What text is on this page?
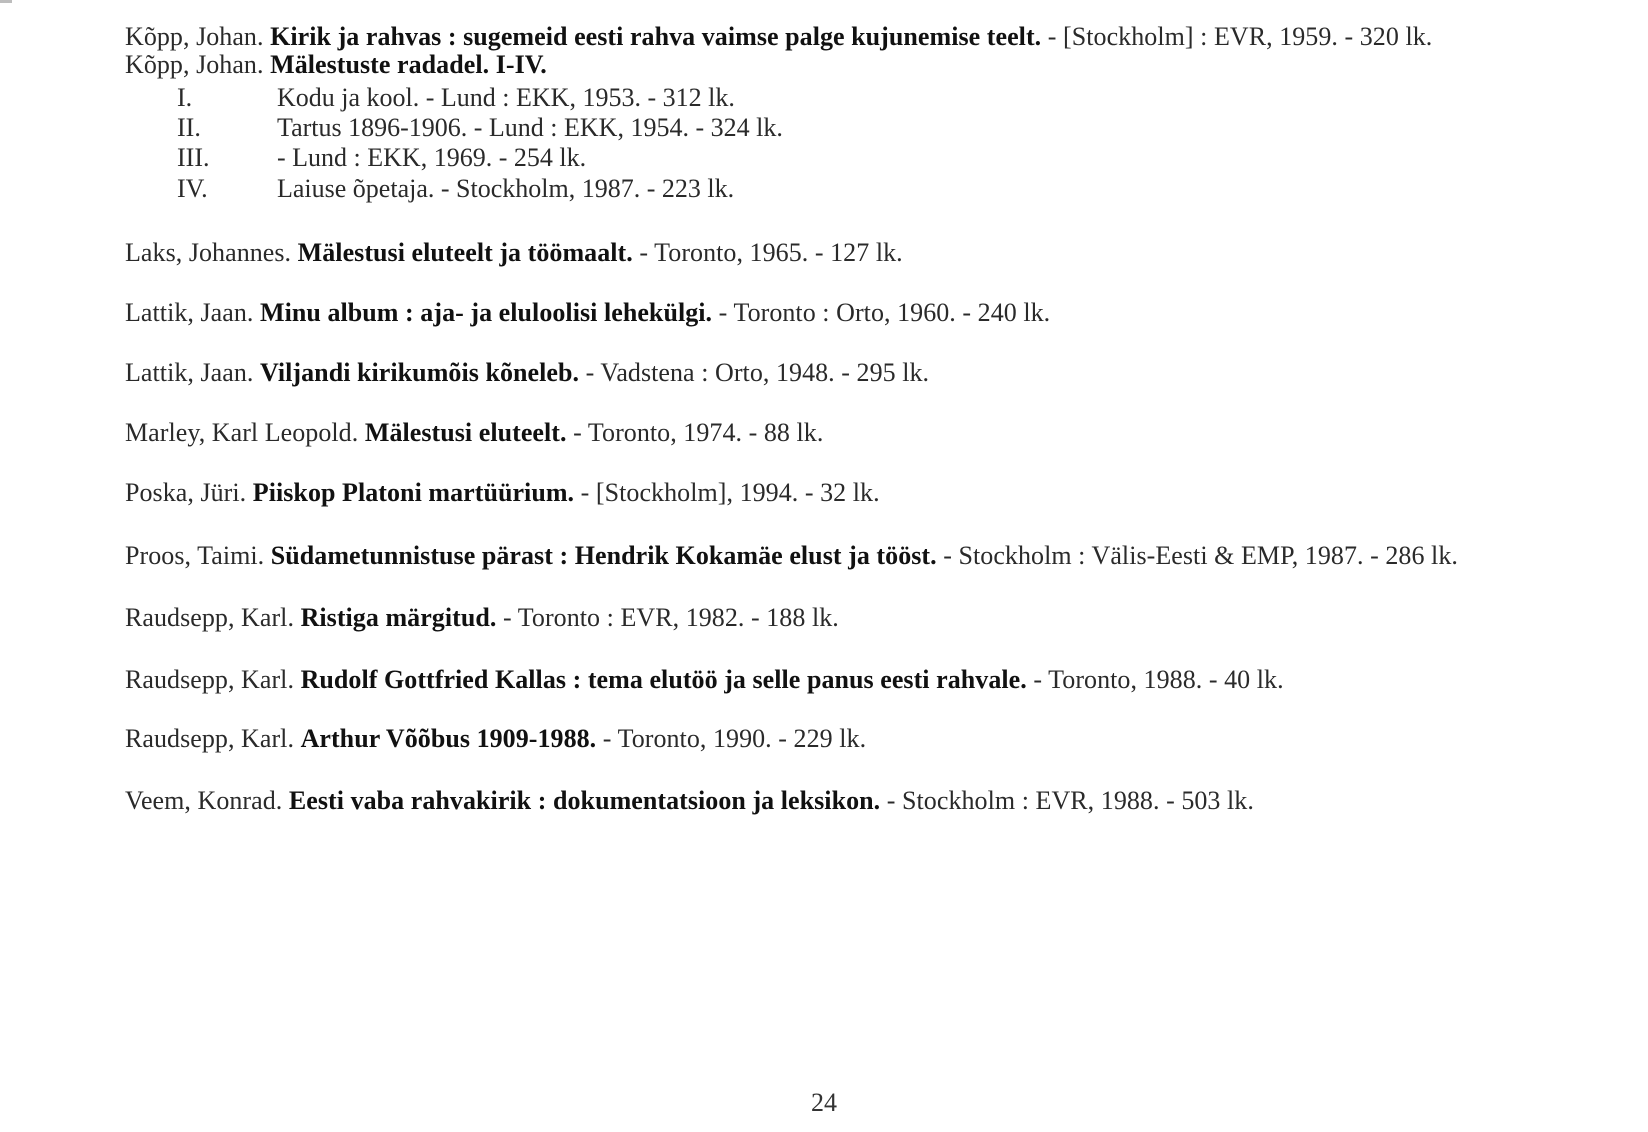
Kõpp, Johan. Kirik ja rahvas : sugemeid eesti rahva vaimse palge kujunemise teelt. - [Stockholm] : EVR, 1959. - 320 lk.
Kõpp, Johan. Mälestuste radadel. I-IV.
I.	Kodu ja kool. - Lund : EKK, 1953. - 312 lk.
II.	Tartus 1896-1906. - Lund : EKK, 1954. - 324 lk.
III.	- Lund : EKK, 1969. - 254 lk.
IV.	Laiuse õpetaja. - Stockholm, 1987. - 223 lk.
Laks, Johannes. Mälestusi eluteelt ja töömaalt. - Toronto, 1965. - 127 lk.
Lattik, Jaan. Minu album : aja- ja eluloolisi lehekülgi. - Toronto : Orto, 1960. - 240 lk.
Lattik, Jaan. Viljandi kirikumõis kõneleb. - Vadstena : Orto, 1948. - 295 lk.
Marley, Karl Leopold. Mälestusi eluteelt. - Toronto, 1974. - 88 lk.
Poska, Jüri. Piiskop Platoni martüürium. - [Stockholm], 1994. - 32 lk.
Proos, Taimi. Südametunnistuse pärast : Hendrik Kokamäe elust ja tööst. - Stockholm : Välis-Eesti & EMP, 1987. - 286 lk.
Raudsepp, Karl. Ristiga märgitud. - Toronto : EVR, 1982. - 188 lk.
Raudsepp, Karl. Rudolf Gottfried Kallas : tema elutöö ja selle panus eesti rahvale. - Toronto, 1988. - 40 lk.
Raudsepp, Karl. Arthur Võõbus 1909-1988. - Toronto, 1990. - 229 lk.
Veem, Konrad. Eesti vaba rahvakirik : dokumentatsioon ja leksikon. - Stockholm : EVR, 1988. - 503 lk.
24
